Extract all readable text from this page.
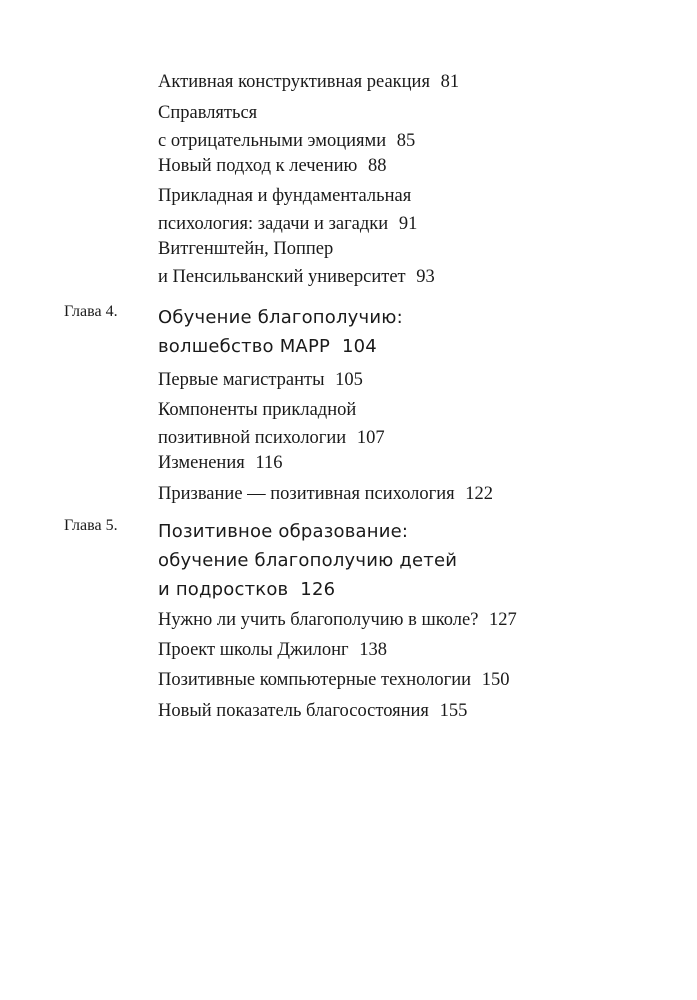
Активная конструктивная реакция 81
Справляться
с отрицательными эмоциями 85
Новый подход к лечению 88
Прикладная и фундаментальная
психология: задачи и загадки 91
Витгенштейн, Поппер
и Пенсильванский университет 93
Глава 4. Обучение благополучию:
волшебство МАРР 104
Первые магистранты 105
Компоненты прикладной
позитивной психологии 107
Изменения 116
Призвание — позитивная психология 122
Глава 5. Позитивное образование:
обучение благополучию детей
и подростков 126
Нужно ли учить благополучию в школе? 127
Проект школы Джилонг 138
Позитивные компьютерные технологии 150
Новый показатель благосостояния 155
